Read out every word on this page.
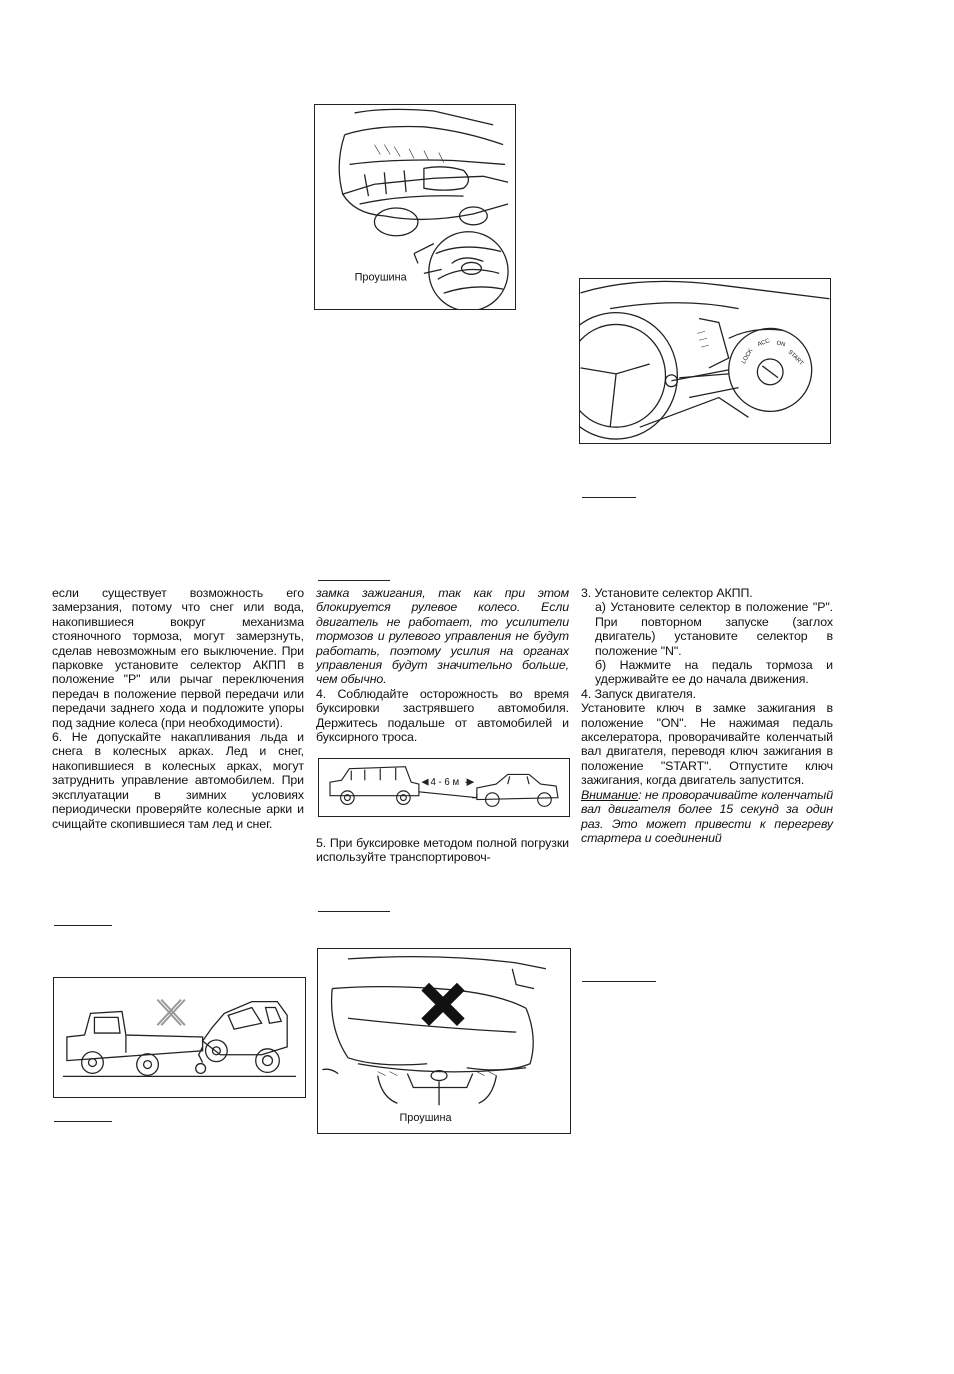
Проушина
LOCK
ACC ON
START

если существует возможность его замерзания, потому что снег или вода, накопившиеся вокруг механизма стояночного тормоза, могут замерзнуть, сделав невозможным его выключение. При парковке установите селектор АКПП в положение "P" или рычаг переключения передач в положение первой передачи или передачи заднего хода и подложите упоры под задние колеса (при необходимости).

6. Не допускайте накапливания льда и снега в колесных арках. Лед и снег, накопившиеся в колесных арках, могут затруднить управление автомобилем. При эксплуатации в зимних условиях периодически проверяйте колесные арки и счищайте скопившиеся там лед и снег.

замка зажигания, так как при этом блокируется рулевое колесо. Если двигатель не работает, то усилители тормозов и рулевого управления не будут работать, поэтому усилия на органах управления будут значительно больше, чем обычно.

4. Соблюдайте осторожность во время буксировки застрявшего автомобиля. Держитесь подальше от автомобилей и буксирного троса.

4 - 6 м

5. При буксировке методом полной погрузки используйте транспортировоч-

3. Установите селектор АКПП.

а) Установите селектор в положение "P". При повторном запуске (заглох двигатель) установите селектор в положение "N".

б) Нажмите на педаль тормоза и удерживайте ее до начала движения.

4. Запуск двигателя.

Установите ключ в замке зажигания в положение "ON". Не нажимая педаль акселератора, проворачивайте коленчатый вал двигателя, переводя ключ зажигания в положение "START". Отпустите ключ зажигания, когда двигатель запустится.

Внимание: не проворачивайте коленчатый вал двигателя более 15 секунд за один раз. Это может привести к перегреву стартера и соединений

Проушина
